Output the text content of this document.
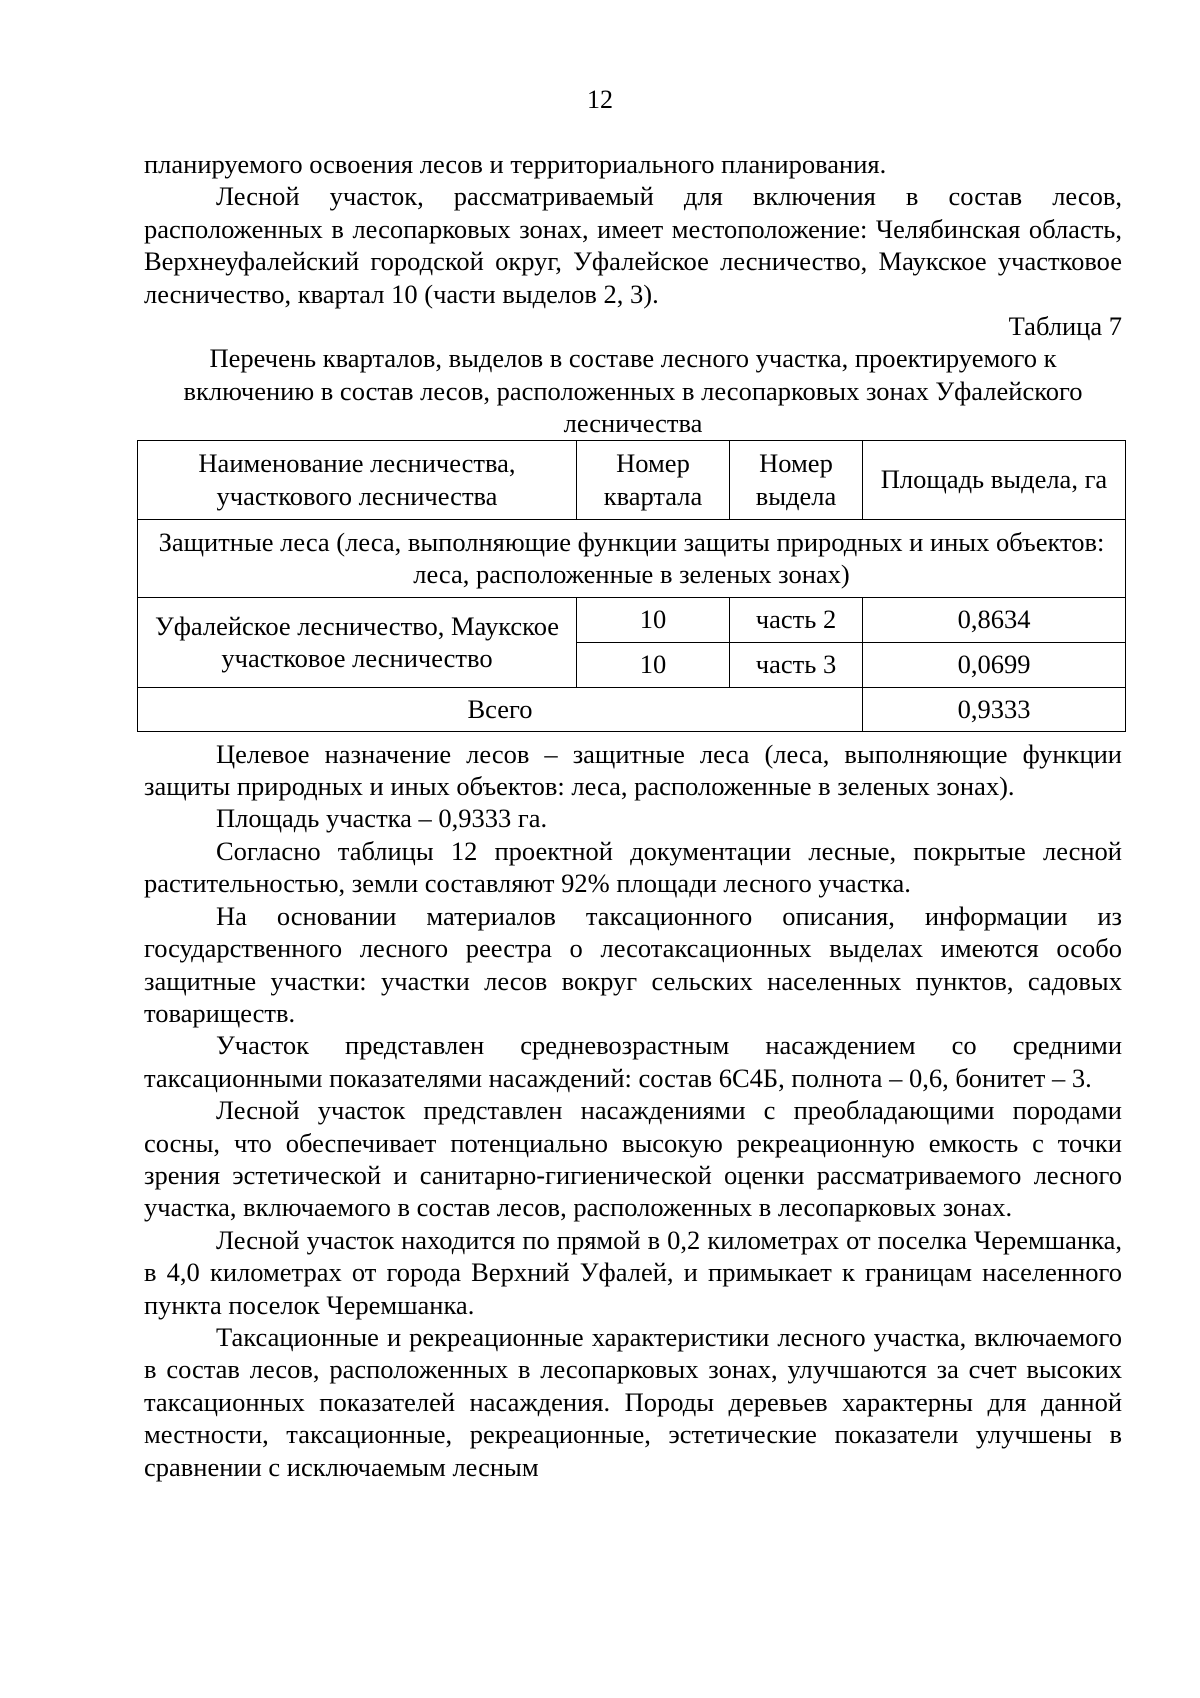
12

планируемого освоения лесов и территориального планирования.

Лесной участок, рассматриваемый для включения в состав лесов, расположенных в лесопарковых зонах, имеет местоположение: Челябинская область, Верхнеуфалейский городской округ, Уфалейское лесничество, Маукское участковое лесничество, квартал 10 (части выделов 2, 3).

Таблица 7

Перечень кварталов, выделов в составе лесного участка, проектируемого к включению в состав лесов, расположенных в лесопарковых зонах Уфалейского лесничества

Наименование лесничества, участкового лесничества	Номер квартала	Номер выдела	Площадь выдела, га
Защитные леса (леса, выполняющие функции защиты природных и иных объектов: леса, расположенные в зеленых зонах)			
Уфалейское лесничество, Маукское участковое лесничество	10	часть 2	0,8634
	10	часть 3	0,0699
Всего			0,9333

Целевое назначение лесов – защитные леса (леса, выполняющие функции защиты природных и иных объектов: леса, расположенные в зеленых зонах).

Площадь участка – 0,9333 га.

Согласно таблицы 12 проектной документации лесные, покрытые лесной растительностью, земли составляют 92% площади лесного участка.

На основании материалов таксационного описания, информации из государственного лесного реестра о лесотаксационных выделах имеются особо защитные участки: участки лесов вокруг сельских населенных пунктов, садовых товариществ.

Участок представлен средневозрастным насаждением со средними таксационными показателями насаждений: состав 6С4Б, полнота – 0,6, бонитет – 3.

Лесной участок представлен насаждениями с преобладающими породами сосны, что обеспечивает потенциально высокую рекреационную емкость с точки зрения эстетической и санитарно-гигиенической оценки рассматриваемого лесного участка, включаемого в состав лесов, расположенных в лесопарковых зонах.

Лесной участок находится по прямой в 0,2 километрах от поселка Черемшанка, в 4,0 километрах от города Верхний Уфалей, и примыкает к границам населенного пункта поселок Черемшанка.

Таксационные и рекреационные характеристики лесного участка, включаемого в состав лесов, расположенных в лесопарковых зонах, улучшаются за счет высоких таксационных показателей насаждения. Породы деревьев характерны для данной местности, таксационные, рекреационные, эстетические показатели улучшены в сравнении с исключаемым лесным
